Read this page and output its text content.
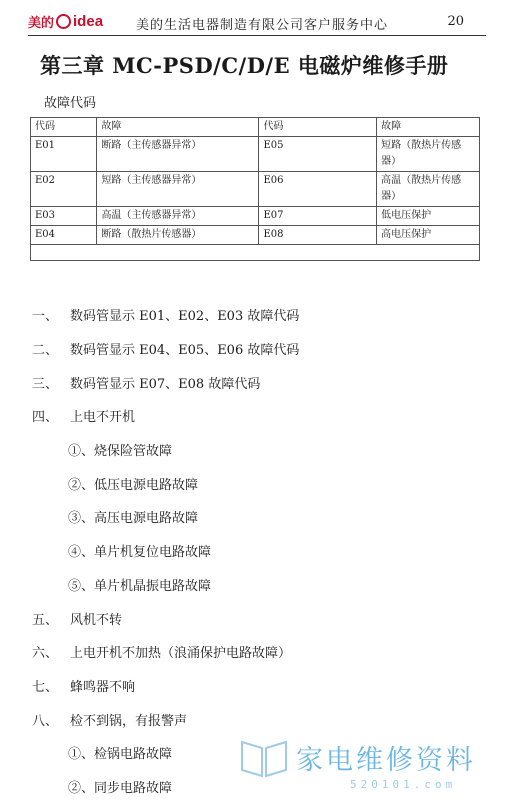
美的 idea	美的生活电器制造有限公司客户服务中心	20
第三章 MC-PSD/C/D/E 电磁炉维修手册
故障代码
代码	故障	代码	故障
E01	断路（主传感器异常）	E05	短路（散热片传感器）
E02	短路（主传感器异常）	E06	高温（散热片传感器）
E03	高温（主传感器异常）	E07	低电压保护
E04	断路（散热片传感器）	E08	高电压保护

一、 数码管显示 E01、E02、E03 故障代码
二、 数码管显示 E04、E05、E06 故障代码
三、 数码管显示 E07、E08 故障代码
四、 上电不开机
①、烧保险管故障
②、低压电源电路故障
③、高压电源电路故障
④、单片机复位电路故障
⑤、单片机晶振电路故障
五、 风机不转
六、 上电开机不加热（浪涌保护电路故障）
七、 蜂鸣器不响
八、 检不到锅，有报警声
①、检锅电路故障
②、同步电路故障
家电维修资料
520101.com
